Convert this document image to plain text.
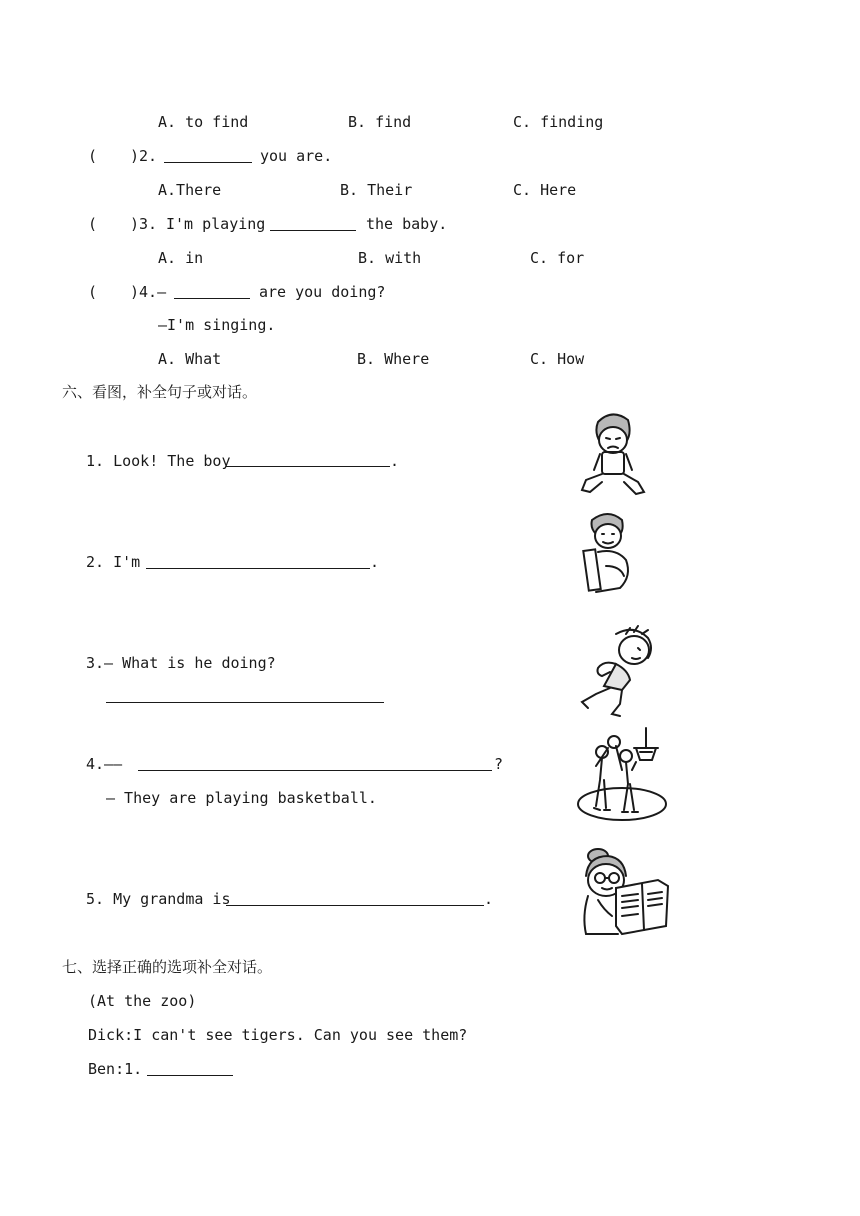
A. to find	B. find	C. finding
( )2.	you are.
A.There	B. Their	C. Here
( )3. I'm playing	the baby.
A. in	B. with	C. for
( )4.—	are you doing?
—I'm singing.
A. What	B. Where	C. How
六、看图，补全句子或对话。
1. Look! The boy	.
2. I'm	.
3.— What is he doing?
4.——	?
— They are playing basketball.
5. My grandma is	.
七、选择正确的选项补全对话。
(At the zoo)
Dick:I can't see tigers. Can you see them?
Ben:1.
